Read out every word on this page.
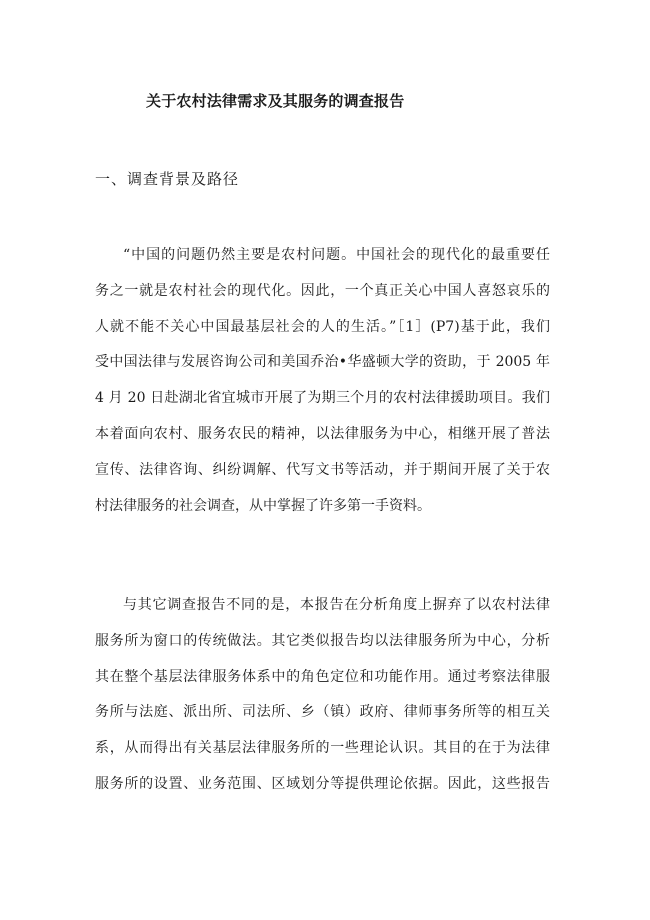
关于农村法律需求及其服务的调查报告
一、调查背景及路径
“中国的问题仍然主要是农村问题。中国社会的现代化的最重要任
务之一就是农村社会的现代化。因此，一个真正关心中国人喜怒哀乐的
人就不能不关心中国最基层社会的人的生活。”［1］(P7)基于此，我们
受中国法律与发展咨询公司和美国乔治•华盛顿大学的资助，于 2005 年
4 月 20 日赴湖北省宜城市开展了为期三个月的农村法律援助项目。我们
本着面向农村、服务农民的精神，以法律服务为中心，相继开展了普法
宣传、法律咨询、纠纷调解、代写文书等活动，并于期间开展了关于农
村法律服务的社会调查，从中掌握了许多第一手资料。
与其它调查报告不同的是，本报告在分析角度上摒弃了以农村法律
服务所为窗口的传统做法。其它类似报告均以法律服务所为中心，分析
其在整个基层法律服务体系中的角色定位和功能作用。通过考察法律服
务所与法庭、派出所、司法所、乡（镇）政府、律师事务所等的相互关
系，从而得出有关基层法律服务所的一些理论认识。其目的在于为法律
服务所的设置、业务范围、区域划分等提供理论依据。因此，这些报告
